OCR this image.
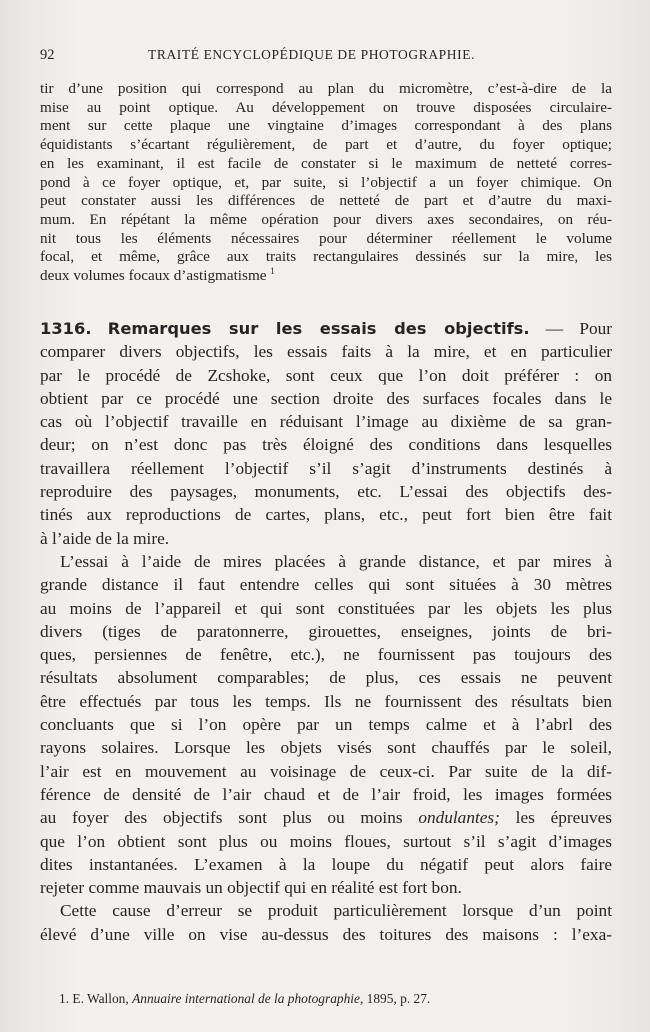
92	TRAITÉ ENCYCLOPÉDIQUE DE PHOTOGRAPHIE.
tir d’une position qui correspond au plan du micromètre, c’est-à-dire de la
mise au point optique. Au développement on trouve disposées circulaire-
ment sur cette plaque une vingtaine d’images correspondant à des plans
équidistants s’écartant régulièrement, de part et d’autre, du foyer optique;
en les examinant, il est facile de constater si le maximum de netteté corres-
pond à ce foyer optique, et, par suite, si l’objectif a un foyer chimique. On
peut constater aussi les différences de netteté de part et d’autre du maxi-
mum. En répétant la même opération pour divers axes secondaires, on réu-
nit tous les éléments nécessaires pour déterminer réellement le volume
focal, et même, grâce aux traits rectangulaires dessinés sur la mire, les
deux volumes focaux d’astigmatisme $^1$
1316. Remarques sur les essais des objectifs. — Pour
comparer divers objectifs, les essais faits à la mire, et en particulier
par le procédé de Zcshoke, sont ceux que l’on doit préférer : on
obtient par ce procédé une section droite des surfaces focales dans le
cas où l’objectif travaille en réduisant l’image au dixième de sa gran-
deur; on n’est donc pas très éloigné des conditions dans lesquelles
travaillera réellement l’objectif s’il s’agit d’instruments destinés à
reproduire des paysages, monuments, etc. L’essai des objectifs des-
tinés aux reproductions de cartes, plans, etc., peut fort bien être fait
à l’aide de la mire.
L’essai à l’aide de mires placées à grande distance, et par mires à
grande distance il faut entendre celles qui sont situées à 30 mètres
au moins de l’appareil et qui sont constituées par les objets les plus
divers (tiges de paratonnerre, girouettes, enseignes, joints de bri-
ques, persiennes de fenêtre, etc.), ne fournissent pas toujours des
résultats absolument comparables; de plus, ces essais ne peuvent
être effectués par tous les temps. Ils ne fournissent des résultats bien
concluants que si l’on opère par un temps calme et à l’abrl des
rayons solaires. Lorsque les objets visés sont chauffés par le soleil,
l’air est en mouvement au voisinage de ceux-ci. Par suite de la dif-
férence de densité de l’air chaud et de l’air froid, les images formées
au foyer des objectifs sont plus ou moins ondulantes; les épreuves
que l’on obtient sont plus ou moins floues, surtout s’il s’agit d’images
dites instantanées. L’examen à la loupe du négatif peut alors faire
rejeter comme mauvais un objectif qui en réalité est fort bon.
Cette cause d’erreur se produit particulièrement lorsque d’un point
élevé d’une ville on vise au-dessus des toitures des maisons : l’exa-
1. E. Wallon, Annuaire international de la photographie, 1895, p. 27.
